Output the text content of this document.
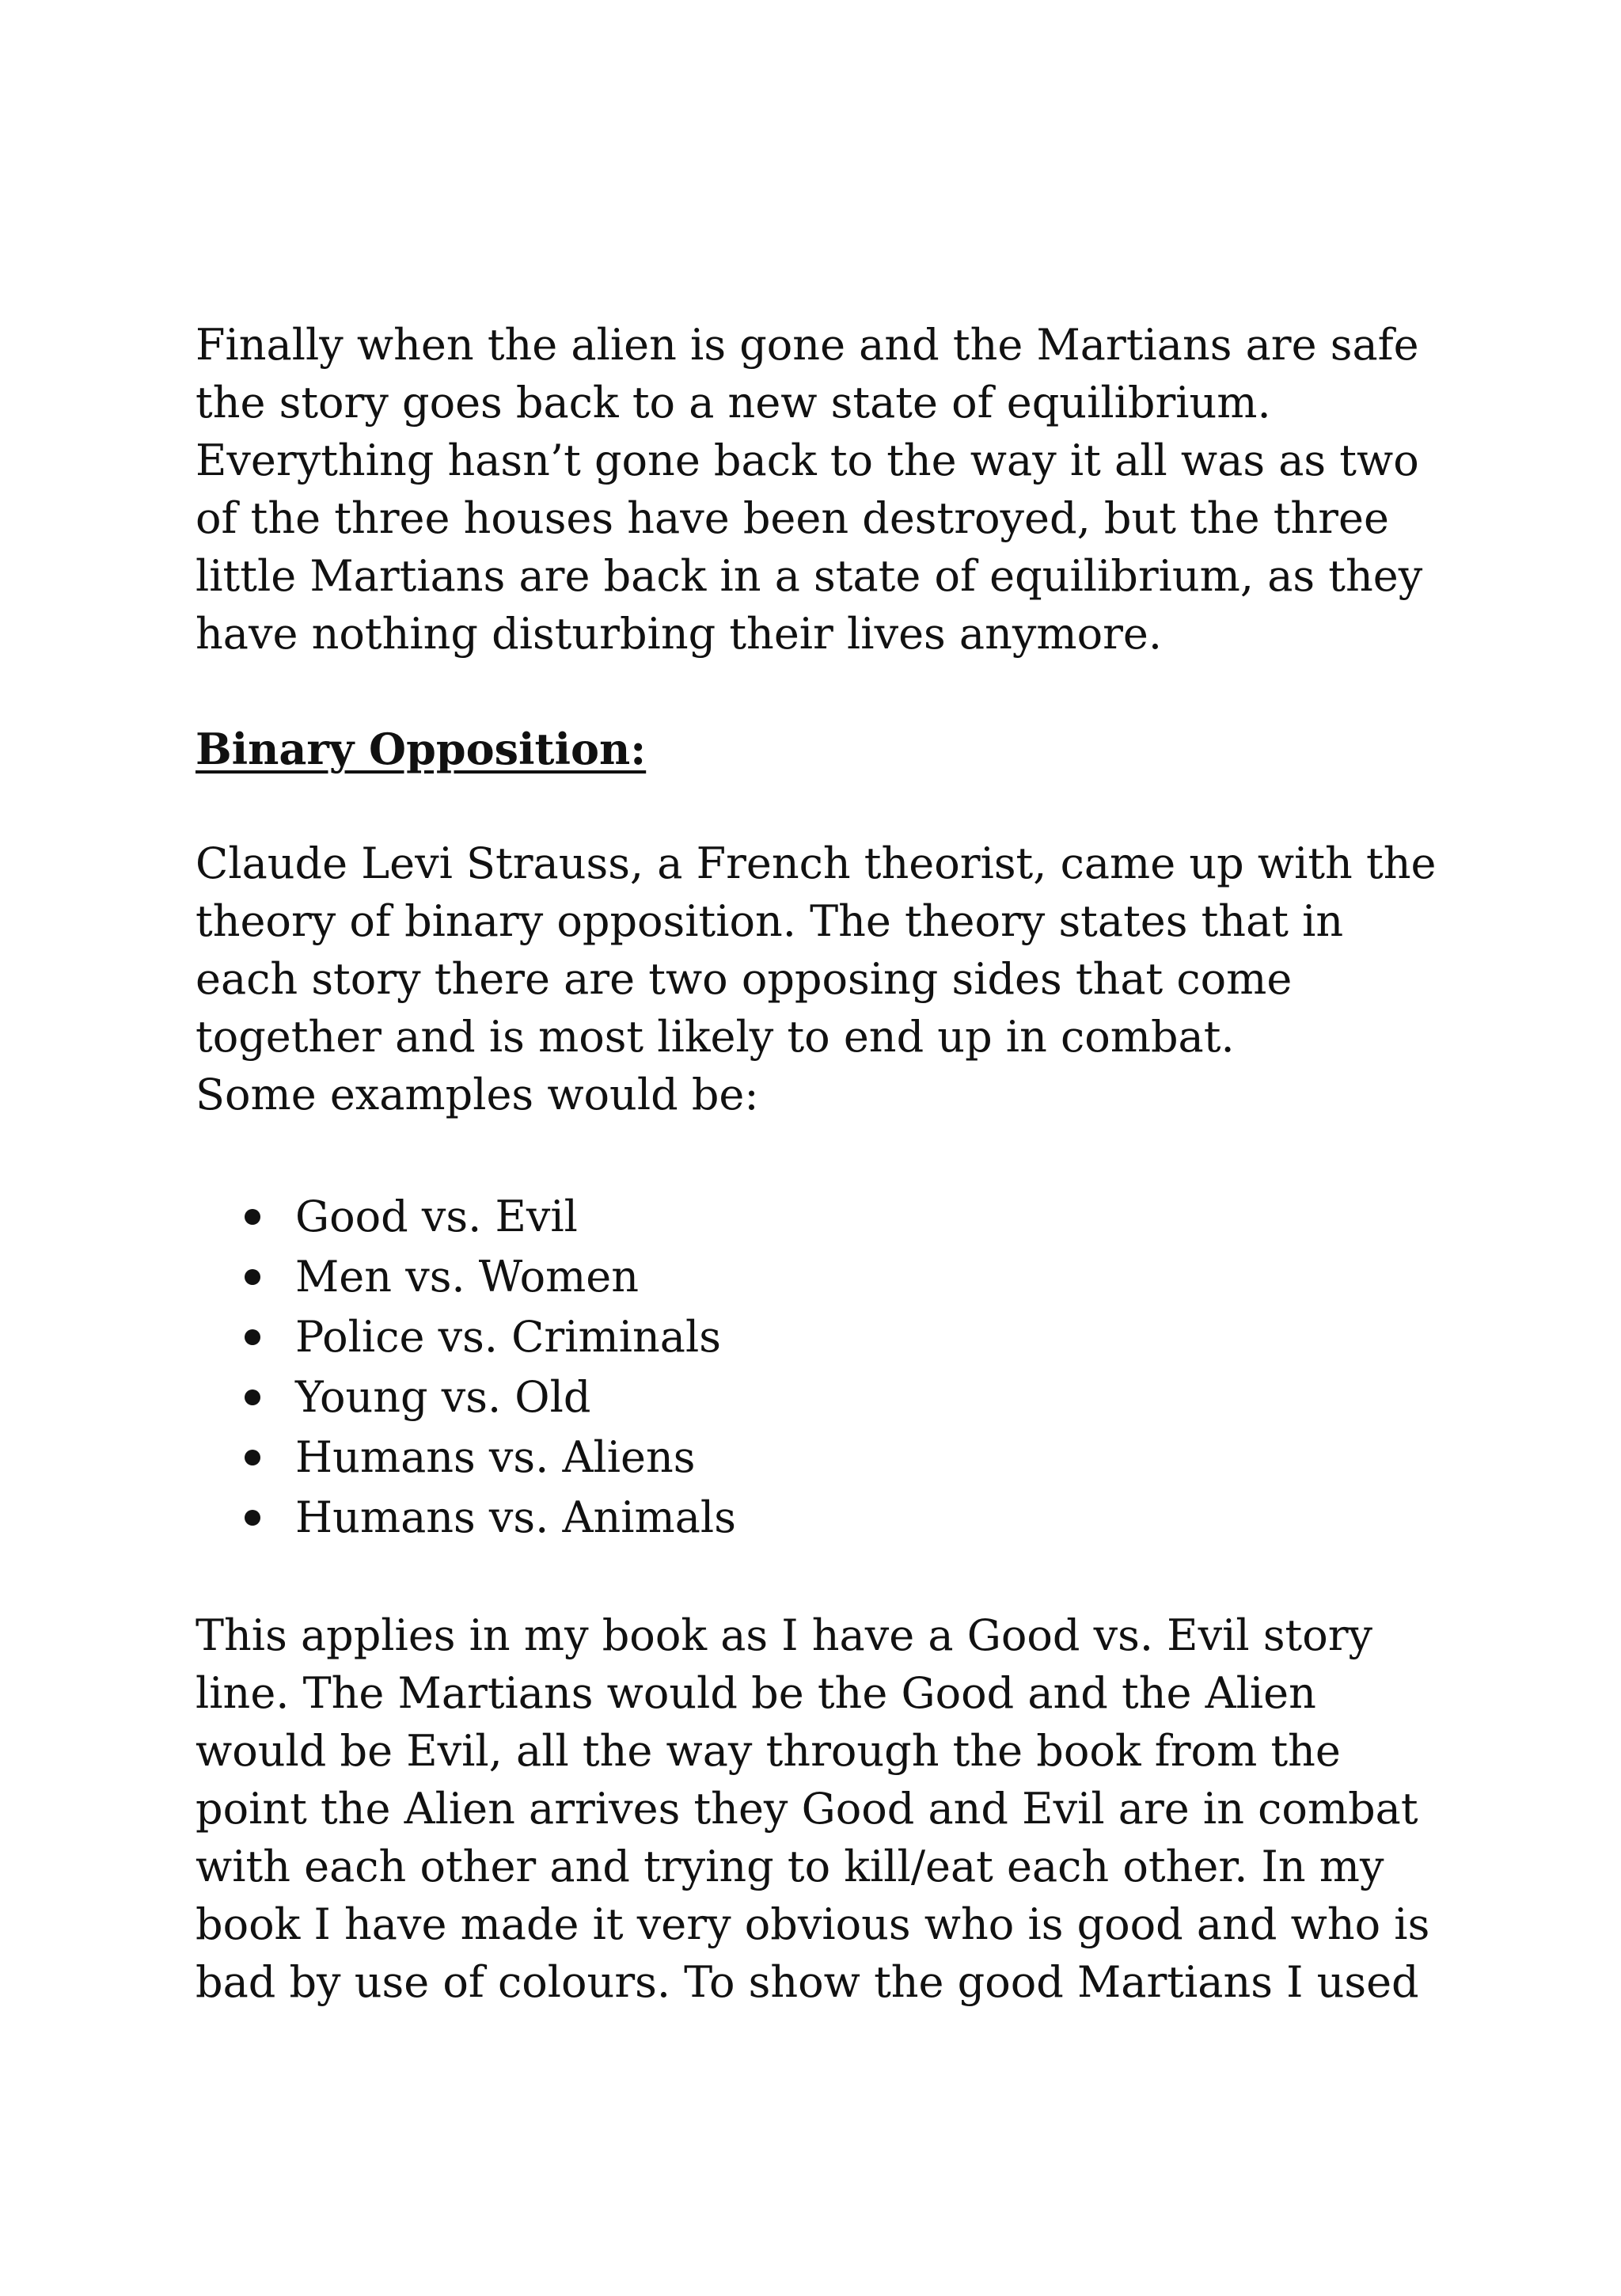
Finally when the alien is gone and the Martians are safe

the story goes back to a new state of equilibrium.

Everything hasn’t gone back to the way it all was as two

of the three houses have been destroyed, but the three

little Martians are back in a state of equilibrium, as they

have nothing disturbing their lives anymore.

Binary Opposition:

Claude Levi Strauss, a French theorist, came up with the

theory of binary opposition. The theory states that in

each story there are two opposing sides that come

together and is most likely to end up in combat.

Some examples would be:

Good vs. Evil
Men vs. Women
Police vs. Criminals
Young vs. Old
Humans vs. Aliens
Humans vs. Animals

This applies in my book as I have a Good vs. Evil story

line. The Martians would be the Good and the Alien

would be Evil, all the way through the book from the

point the Alien arrives they Good and Evil are in combat

with each other and trying to kill/eat each other. In my

book I have made it very obvious who is good and who is

bad by use of colours. To show the good Martians I used
